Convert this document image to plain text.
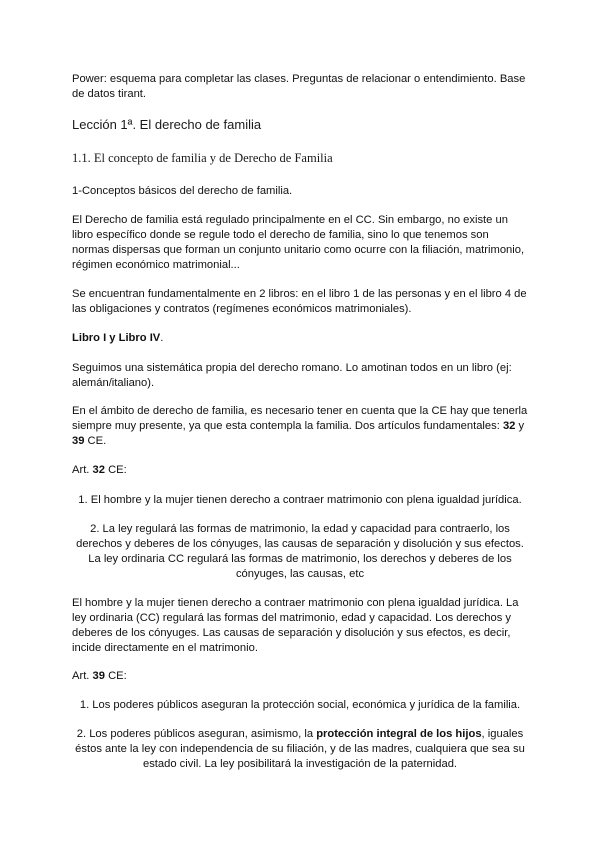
Power: esquema para completar las clases. Preguntas de relacionar o entendimiento. Base de datos tirant.

Lección 1ª. El derecho de familia

1.1. El concepto de familia y de Derecho de Familia

1-Conceptos básicos del derecho de familia.

El Derecho de familia está regulado principalmente en el CC. Sin embargo, no existe un libro específico donde se regule todo el derecho de familia, sino lo que tenemos son normas dispersas que forman un conjunto unitario como ocurre con la filiación, matrimonio, régimen económico matrimonial...

Se encuentran fundamentalmente en 2 libros: en el libro 1 de las personas y en el libro 4 de las obligaciones y contratos (regímenes económicos matrimoniales).

Libro I y Libro IV.

Seguimos una sistemática propia del derecho romano. Lo amotinan todos en un libro (ej: alemán/italiano).

En el ámbito de derecho de familia, es necesario tener en cuenta que la CE hay que tenerla siempre muy presente, ya que esta contempla la familia. Dos artículos fundamentales: 32 y 39 CE.

Art. 32 CE:

1. El hombre y la mujer tienen derecho a contraer matrimonio con plena igualdad jurídica.

2. La ley regulará las formas de matrimonio, la edad y capacidad para contraerlo, los derechos y deberes de los cónyuges, las causas de separación y disolución y sus efectos. La ley ordinaria CC regulará las formas de matrimonio, los derechos y deberes de los cónyuges, las causas, etc

El hombre y la mujer tienen derecho a contraer matrimonio con plena igualdad jurídica. La ley ordinaria (CC) regulará las formas del matrimonio, edad y capacidad. Los derechos y deberes de los cónyuges. Las causas de separación y disolución y sus efectos, es decir, incide directamente en el matrimonio.

Art. 39 CE:

1. Los poderes públicos aseguran la protección social, económica y jurídica de la familia.

2. Los poderes públicos aseguran, asimismo, la protección integral de los hijos, iguales éstos ante la ley con independencia de su filiación, y de las madres, cualquiera que sea su estado civil. La ley posibilitará la investigación de la paternidad.
